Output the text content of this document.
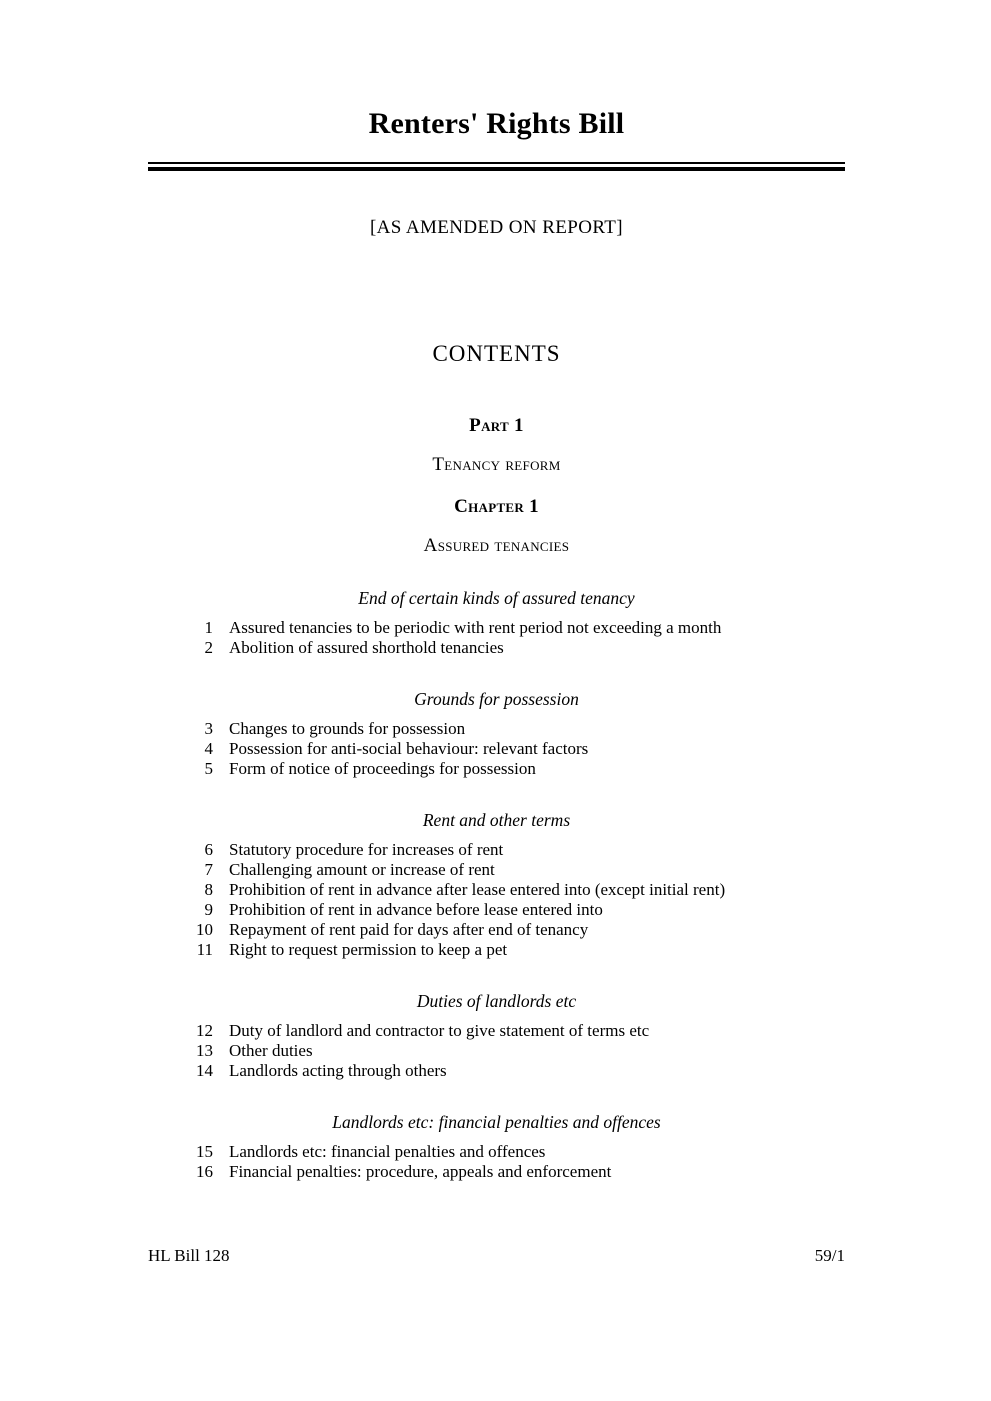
Renters' Rights Bill
[AS AMENDED ON REPORT]
CONTENTS
Part 1
Tenancy reform
Chapter 1
Assured tenancies
End of certain kinds of assured tenancy
1 Assured tenancies to be periodic with rent period not exceeding a month
2 Abolition of assured shorthold tenancies
Grounds for possession
3 Changes to grounds for possession
4 Possession for anti-social behaviour: relevant factors
5 Form of notice of proceedings for possession
Rent and other terms
6 Statutory procedure for increases of rent
7 Challenging amount or increase of rent
8 Prohibition of rent in advance after lease entered into (except initial rent)
9 Prohibition of rent in advance before lease entered into
10 Repayment of rent paid for days after end of tenancy
11 Right to request permission to keep a pet
Duties of landlords etc
12 Duty of landlord and contractor to give statement of terms etc
13 Other duties
14 Landlords acting through others
Landlords etc: financial penalties and offences
15 Landlords etc: financial penalties and offences
16 Financial penalties: procedure, appeals and enforcement
HL Bill 128	59/1
